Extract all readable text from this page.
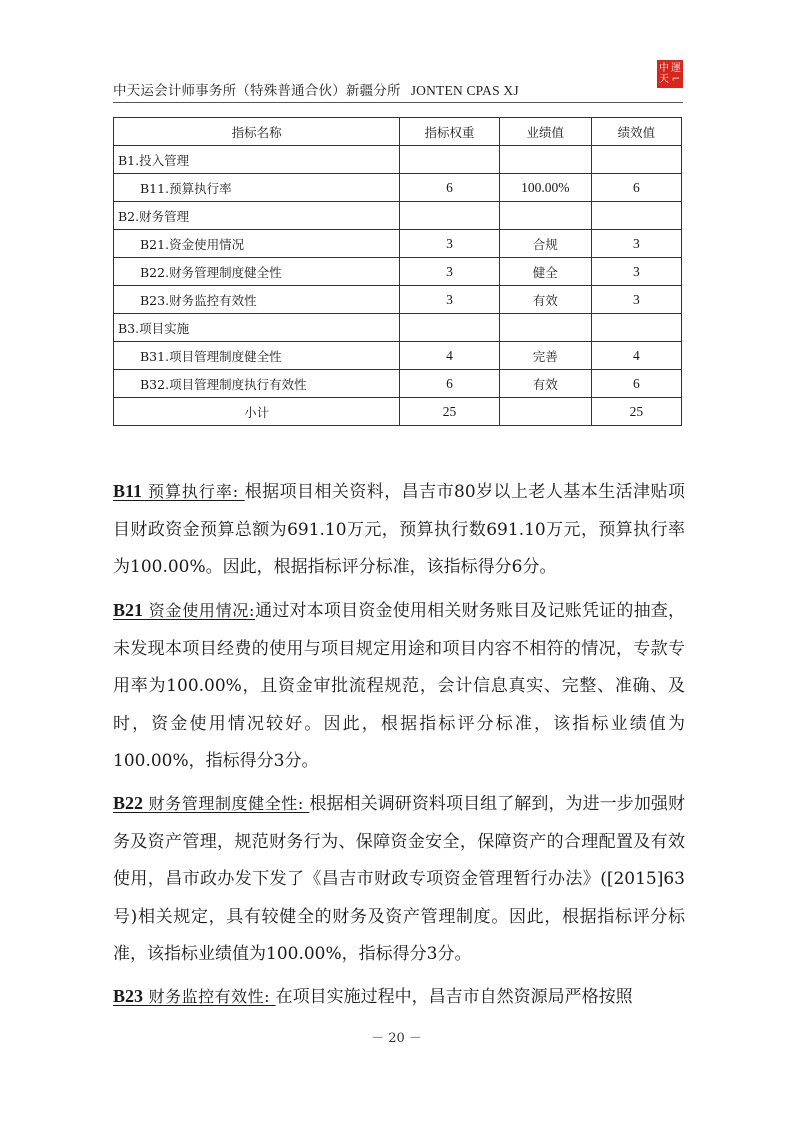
中天运会计师事务所（特殊普通合伙）新疆分所 JONTEN CPAS XJ
中 運
天 ⌐
指标名称	指标权重	业绩值	绩效值
B1.投入管理			
B11.预算执行率	6	100.00%	6
B2.财务管理			
B21.资金使用情况	3	合规	3
B22.财务管理制度健全性	3	健全	3
B23.财务监控有效性	3	有效	3
B3.项目实施			
B31.项目管理制度健全性	4	完善	4
B32.项目管理制度执行有效性	6	有效	6
小计	25		25
B11 预算执行率: 根据项目相关资料，昌吉市80岁以上老人基本生活津贴项目财政资金预算总额为691.10万元，预算执行数691.10万元，预算执行率为100.00%。因此，根据指标评分标准，该指标得分6分。
B21 资金使用情况:通过对本项目资金使用相关财务账目及记账凭证的抽查，未发现本项目经费的使用与项目规定用途和项目内容不相符的情况，专款专用率为100.00%，且资金审批流程规范，会计信息真实、完整、准确、及时，资金使用情况较好。因此，根据指标评分标准，该指标业绩值为100.00%，指标得分3分。
B22 财务管理制度健全性: 根据相关调研资料项目组了解到，为进一步加强财务及资产管理，规范财务行为、保障资金安全，保障资产的合理配置及有效使用，昌市政办发下发了《昌吉市财政专项资金管理暂行办法》([2015]63号)相关规定，具有较健全的财务及资产管理制度。因此，根据指标评分标准，该指标业绩值为100.00%，指标得分3分。
B23 财务监控有效性: 在项目实施过程中，昌吉市自然资源局严格按照
－ 20 －
